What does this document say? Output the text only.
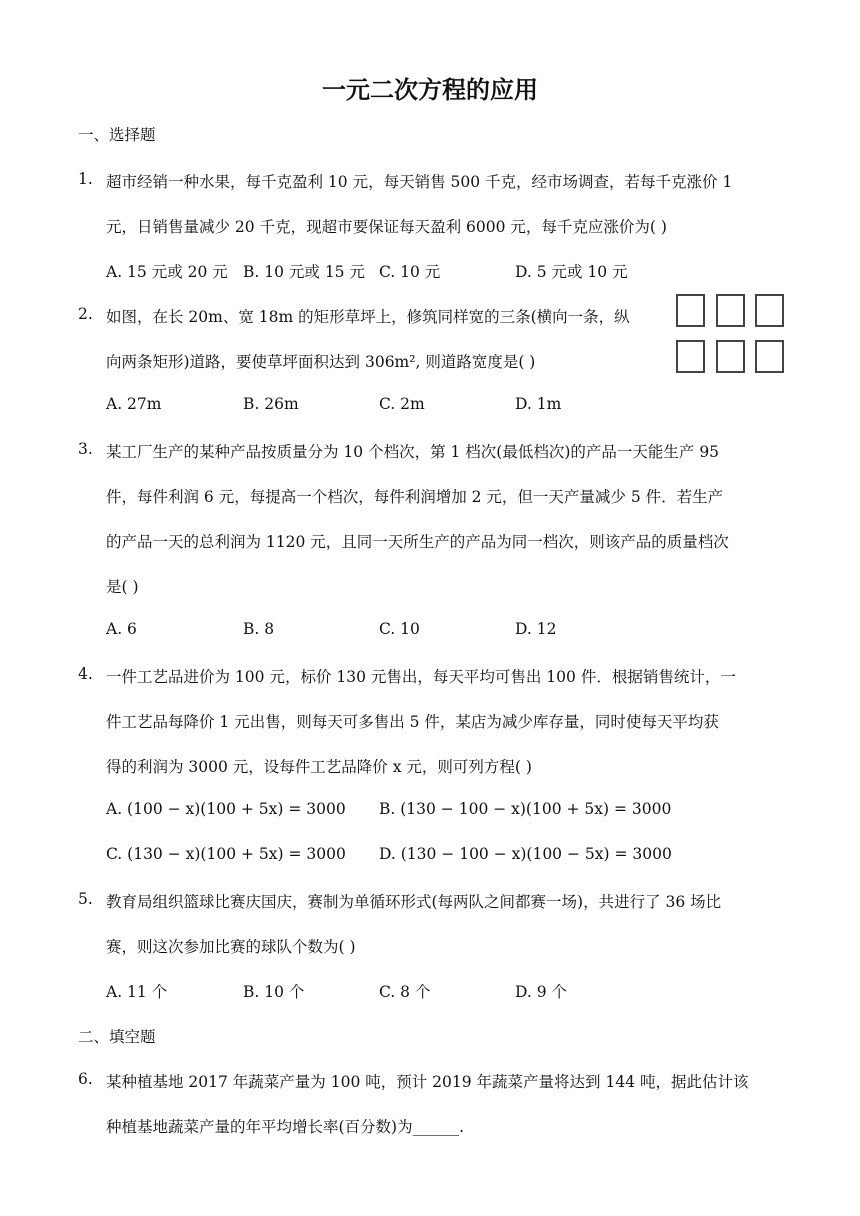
一元二次方程的应用
一、选择题
1. 超市经销一种水果，每千克盈利 10 元，每天销售 500 千克，经市场调查，若每千克涨价 1
元，日销售量减少 20 千克，现超市要保证每天盈利 6000 元，每千克应涨价为( )
A. 15 元或 20 元 B. 10 元或 15 元 C. 10 元	D. 5 元或 10 元
2. 如图，在长 20m、宽 18m 的矩形草坪上，修筑同样宽的三条(横向一条，纵
向两条矩形)道路，要使草坪面积达到 306m², 则道路宽度是( )
A. 27m	B. 26m	C. 2m	D. 1m
3. 某工厂生产的某种产品按质量分为 10 个档次，第 1 档次(最低档次)的产品一天能生产 95
件，每件利润 6 元，每提高一个档次，每件利润增加 2 元，但一天产量减少 5 件．若生产
的产品一天的总利润为 1120 元，且同一天所生产的产品为同一档次，则该产品的质量档次
是( )
A. 6	B. 8	C. 10	D. 12
4. 一件工艺品进价为 100 元，标价 130 元售出，每天平均可售出 100 件．根据销售统计，一
件工艺品每降价 1 元出售，则每天可多售出 5 件，某店为减少库存量，同时使每天平均获
得的利润为 3000 元，设每件工艺品降价 x 元，则可列方程( )
A. (100 − x)(100 + 5x) = 3000 B. (130 − 100 − x)(100 + 5x) = 3000
C. (130 − x)(100 + 5x) = 3000 D. (130 − 100 − x)(100 − 5x) = 3000
5. 教育局组织篮球比赛庆国庆，赛制为单循环形式(每两队之间都赛一场)，共进行了 36 场比
赛，则这次参加比赛的球队个数为( )
A. 11 个	B. 10 个	C. 8 个	D. 9 个
二、填空题
6. 某种植基地 2017 年蔬菜产量为 100 吨，预计 2019 年蔬菜产量将达到 144 吨，据此估计该
种植基地蔬菜产量的年平均增长率(百分数)为______.
